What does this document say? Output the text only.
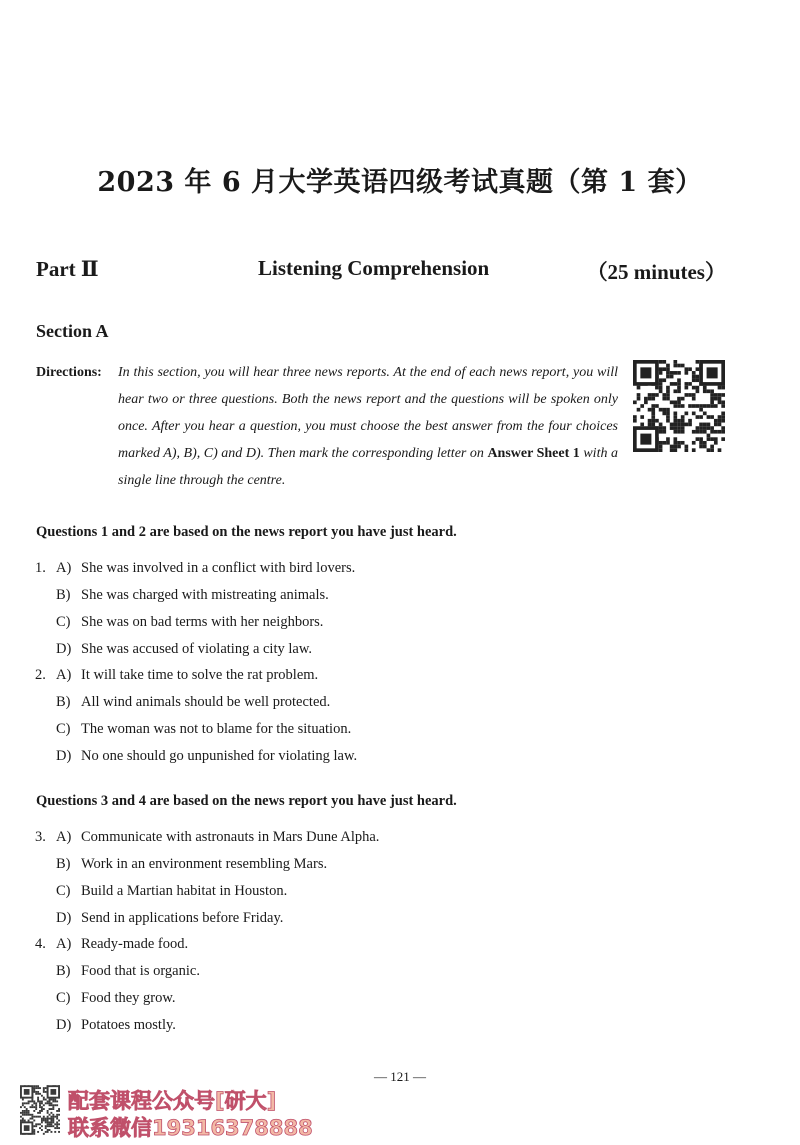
2023 年 6 月大学英语四级考试真题（第 1 套）
Part Ⅱ	Listening Comprehension	（25 minutes）
Section A
Directions: In this section, you will hear three news reports. At the end of each news report, you will hear two or three questions. Both the news report and the questions will be spoken only once. After you hear a question, you must choose the best answer from the four choices marked A), B), C) and D). Then mark the corresponding letter on Answer Sheet 1 with a single line through the centre.
Questions 1 and 2 are based on the news report you have just heard.
Questions 3 and 4 are based on the news report you have just heard.
1. A) She was involved in a conflict with bird lovers.
B) She was charged with mistreating animals.
C) She was on bad terms with her neighbors.
D) She was accused of violating a city law.
2. A) It will take time to solve the rat problem.
B) All wind animals should be well protected.
C) The woman was not to blame for the situation.
D) No one should go unpunished for violating law.
3. A) Communicate with astronauts in Mars Dune Alpha.
B) Work in an environment resembling Mars.
C) Build a Martian habitat in Houston.
D) Send in applications before Friday.
4. A) Ready-made food.
B) Food that is organic.
C) Food they grow.
D) Potatoes mostly.
— 121 —
配套课程公众号[研大]
联系微信19316378888
